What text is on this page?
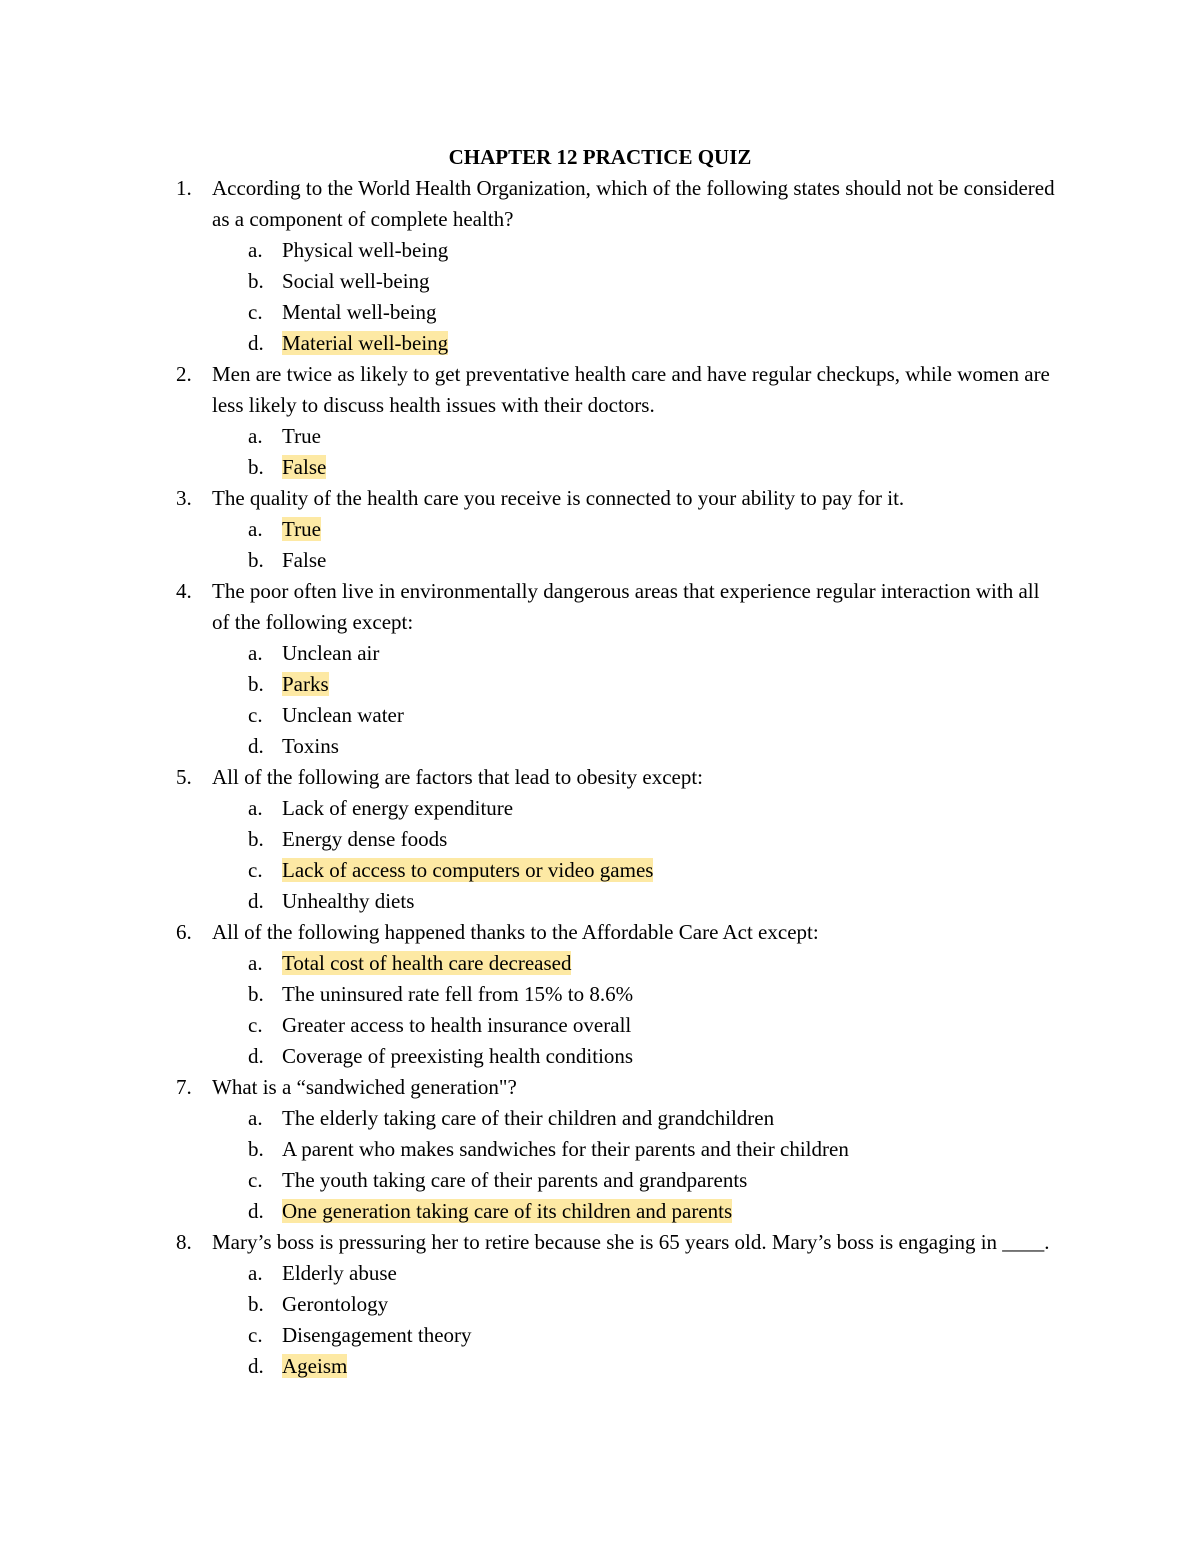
CHAPTER 12 PRACTICE QUIZ
1. According to the World Health Organization, which of the following states should not be considered as a component of complete health?
a. Physical well-being
b. Social well-being
c. Mental well-being
d. Material well-being
2. Men are twice as likely to get preventative health care and have regular checkups, while women are less likely to discuss health issues with their doctors.
a. True
b. False
3. The quality of the health care you receive is connected to your ability to pay for it.
a. True
b. False
4. The poor often live in environmentally dangerous areas that experience regular interaction with all of the following except:
a. Unclean air
b. Parks
c. Unclean water
d. Toxins
5. All of the following are factors that lead to obesity except:
a. Lack of energy expenditure
b. Energy dense foods
c. Lack of access to computers or video games
d. Unhealthy diets
6. All of the following happened thanks to the Affordable Care Act except:
a. Total cost of health care decreased
b. The uninsured rate fell from 15% to 8.6%
c. Greater access to health insurance overall
d. Coverage of preexisting health conditions
7. What is a “sandwiched generation"?
a. The elderly taking care of their children and grandchildren
b. A parent who makes sandwiches for their parents and their children
c. The youth taking care of their parents and grandparents
d. One generation taking care of its children and parents
8. Mary’s boss is pressuring her to retire because she is 65 years old. Mary’s boss is engaging in ____.
a. Elderly abuse
b. Gerontology
c. Disengagement theory
d. Ageism
